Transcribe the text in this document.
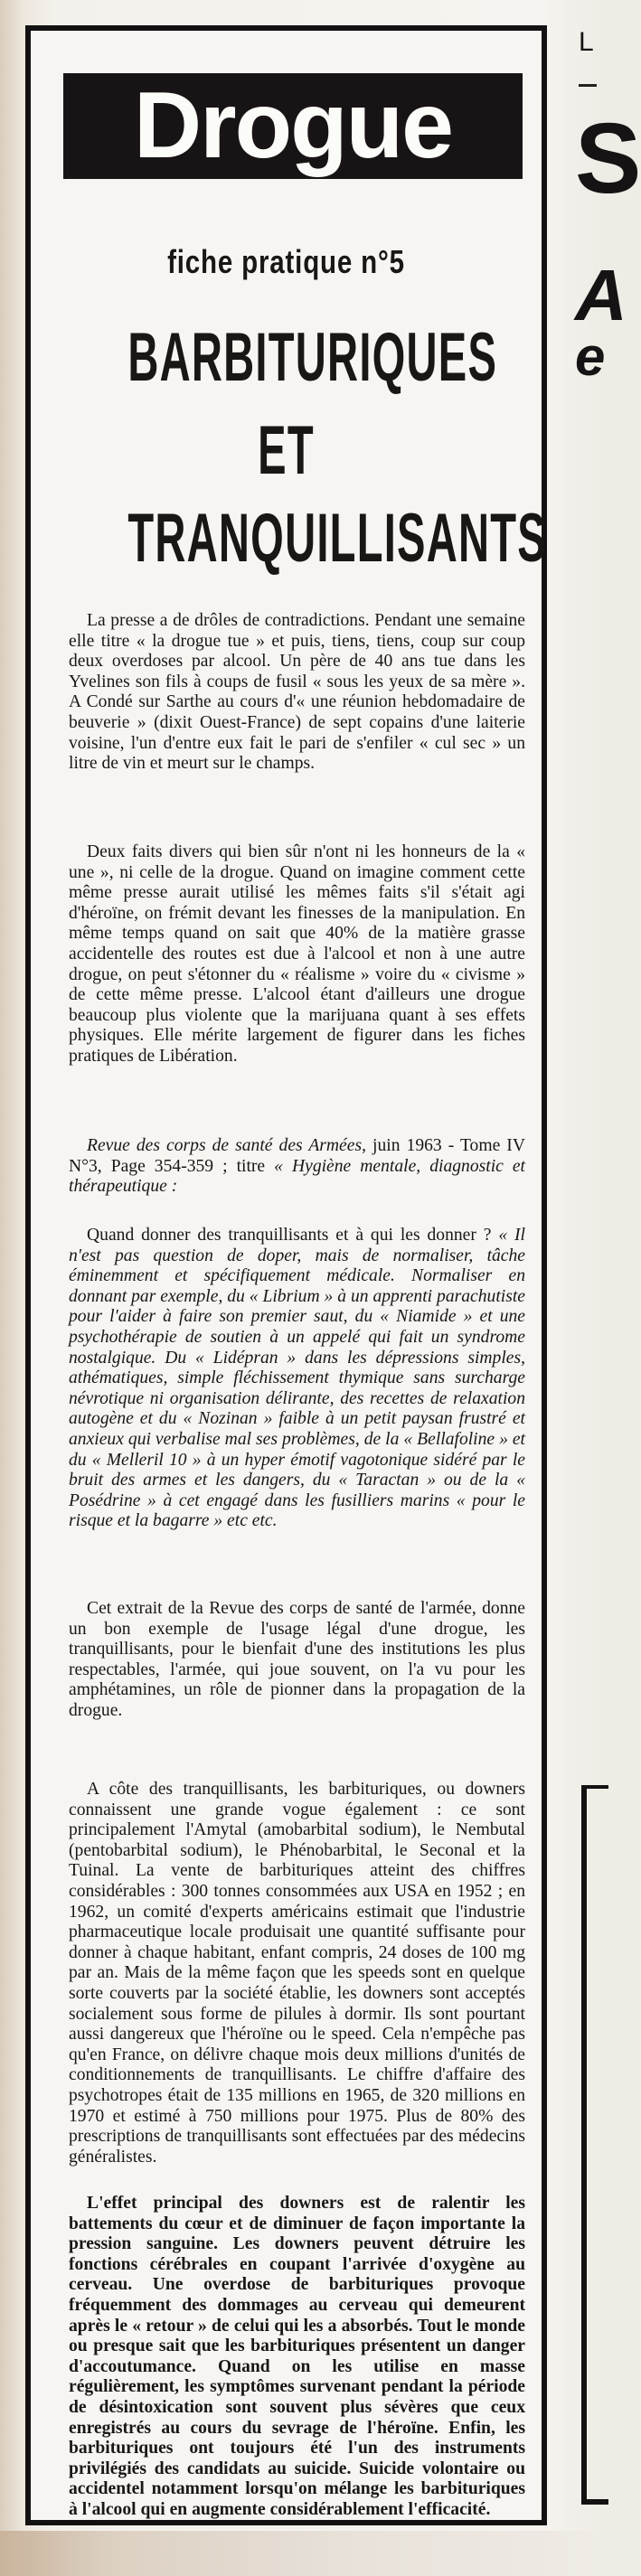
Drogue
fiche pratique n°5
BARBITURIQUES
ET
TRANQUILLISANTS

La presse a de drôles de contradictions. Pendant une semaine elle titre « la drogue tue » et puis, tiens, tiens, coup sur coup deux overdoses par alcool. Un père de 40 ans tue dans les Yvelines son fils à coups de fusil « sous les yeux de sa mère ». A Condé sur Sarthe au cours d'« une réunion hebdomadaire de beuverie » (dixit Ouest-France) de sept copains d'une laiterie voisine, l'un d'entre eux fait le pari de s'enfiler « cul sec » un litre de vin et meurt sur le champs.

Deux faits divers qui bien sûr n'ont ni les honneurs de la « une », ni celle de la drogue. Quand on imagine comment cette même presse aurait utilisé les mêmes faits s'il s'était agi d'héroïne, on frémit devant les finesses de la manipulation. En même temps quand on sait que 40% de la matière grasse accidentelle des routes est due à l'alcool et non à une autre drogue, on peut s'étonner du « réalisme » voire du « civisme » de cette même presse. L'alcool étant d'ailleurs une drogue beaucoup plus violente que la marijuana quant à ses effets physiques. Elle mérite largement de figurer dans les fiches pratiques de Libération.

Revue des corps de santé des Armées, juin 1963 - Tome IV N°3, Page 354-359 ; titre « Hygiène mentale, diagnostic et thérapeutique :

Quand donner des tranquillisants et à qui les donner ? « Il n'est pas question de doper, mais de normaliser, tâche éminemment et spécifiquement médicale. Normaliser en donnant par exemple, du « Librium » à un apprenti parachutiste pour l'aider à faire son premier saut, du « Niamide » et une psychothérapie de soutien à un appelé qui fait un syndrome nostalgique. Du « Lidépran » dans les dépressions simples, athématiques, simple fléchissement thymique sans surcharge névrotique ni organisation délirante, des recettes de relaxation autogène et du « Nozinan » faible à un petit paysan frustré et anxieux qui verbalise mal ses problèmes, de la « Bellafoline » et du « Melleril 10 » à un hyper émotif vagotonique sidéré par le bruit des armes et les dangers, du « Taractan » ou de la « Posédrine » à cet engagé dans les fusilliers marins « pour le risque et la bagarre » etc etc.

Cet extrait de la Revue des corps de santé de l'armée, donne un bon exemple de l'usage légal d'une drogue, les tranquillisants, pour le bienfait d'une des institutions les plus respectables, l'armée, qui joue souvent, on l'a vu pour les amphétamines, un rôle de pionner dans la propagation de la drogue.

A côte des tranquillisants, les barbituriques, ou downers connaissent une grande vogue également : ce sont principalement l'Amytal (amobarbital sodium), le Nembutal (pentobarbital sodium), le Phénobarbital, le Seconal et la Tuinal. La vente de barbituriques atteint des chiffres considérables : 300 tonnes consommées aux USA en 1952 ; en 1962, un comité d'experts américains estimait que l'industrie pharmaceutique locale produisait une quantité suffisante pour donner à chaque habitant, enfant compris, 24 doses de 100 mg par an. Mais de la même façon que les speeds sont en quelque sorte couverts par la société établie, les downers sont acceptés socialement sous forme de pilules à dormir. Ils sont pourtant aussi dangereux que l'héroïne ou le speed. Cela n'empêche pas qu'en France, on délivre chaque mois deux millions d'unités de conditionnements de tranquillisants. Le chiffre d'affaire des psychotropes était de 135 millions en 1965, de 320 millions en 1970 et estimé à 750 millions pour 1975. Plus de 80% des prescriptions de tranquillisants sont effectuées par des médecins généralistes.

L'effet principal des downers est de ralentir les battements du cœur et de diminuer de façon importante la pression sanguine. Les downers peuvent détruire les fonctions cérébrales en coupant l'arrivée d'oxygène au cerveau. Une overdose de barbituriques provoque fréquemment des dommages au cerveau qui demeurent après le « retour » de celui qui les a absorbés. Tout le monde ou presque sait que les barbituriques présentent un danger d'accoutumance. Quand on les utilise en masse régulièrement, les symptômes survenant pendant la période de désintoxication sont souvent plus sévères que ceux enregistrés au cours du sevrage de l'héroïne. Enfin, les barbituriques ont toujours été l'un des instruments privilégiés des candidats au suicide. Suicide volontaire ou accidentel notamment lorsqu'on mélange les barbituriques à l'alcool qui en augmente considérablement l'efficacité.

L
S
A
e
